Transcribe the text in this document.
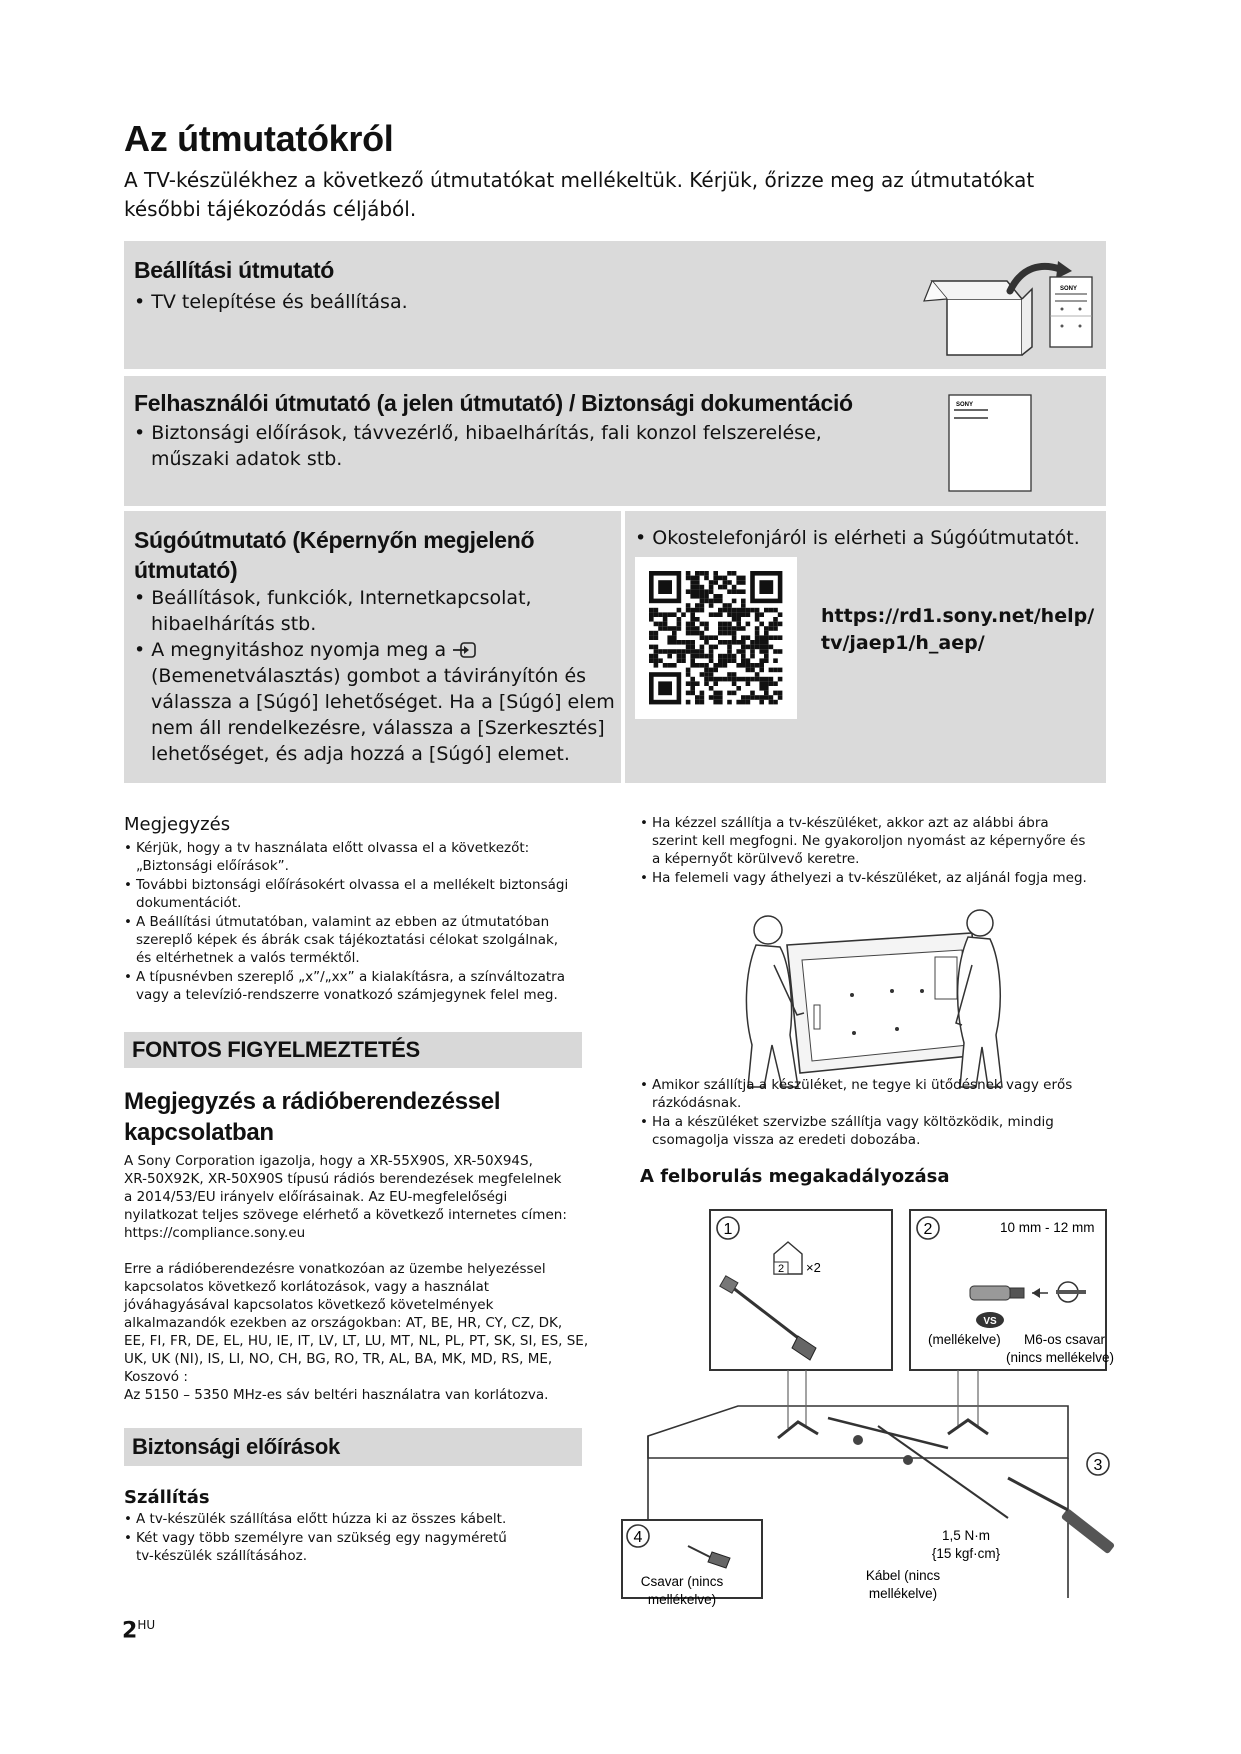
Az útmutatókról
A TV-készülékhez a következő útmutatókat mellékeltük. Kérjük, őrizze meg az útmutatókat későbbi tájékozódás céljából.
Beállítási útmutató
• TV telepítése és beállítása.
SONY
Felhasználói útmutató (a jelen útmutató) / Biztonsági dokumentáció
• Biztonsági előírások, távvezérlő, hibaelhárítás, fali konzol felszerelése,
műszaki adatok stb.
SONY
Súgóútmutató (Képernyőn megjelenő
útmutató)
• Beállítások, funkciók, Internetkapcsolat,
hibaelhárítás stb.
• A megnyitáshoz nyomja meg a
(Bemenetválasztás) gombot a távirányítón és
válassza a [Súgó] lehetőséget. Ha a [Súgó] elem
nem áll rendelkezésre, válassza a [Szerkesztés]
lehetőséget, és adja hozzá a [Súgó] elemet.
• Okostelefonjáról is elérheti a Súgóútmutatót.
https://rd1.sony.net/help/
tv/jaep1/h_aep/
Megjegyzés
• Kérjük, hogy a tv használata előtt olvassa el a következőt:
„Biztonsági előírások”.
• További biztonsági előírásokért olvassa el a mellékelt biztonsági
dokumentációt.
• A Beállítási útmutatóban, valamint az ebben az útmutatóban
szereplő képek és ábrák csak tájékoztatási célokat szolgálnak,
és eltérhetnek a valós terméktől.
• A típusnévben szereplő „x”/„xx” a kialakításra, a színváltozatra
vagy a televízió-rendszerre vonatkozó számjegynek felel meg.
• Ha kézzel szállítja a tv-készüléket, akkor azt az alábbi ábra
szerint kell megfogni. Ne gyakoroljon nyomást az képernyőre és
a képernyőt körülvevő keretre.
• Ha felemeli vagy áthelyezi a tv-készüléket, az aljánál fogja meg.
FONTOS FIGYELMEZTETÉS
Megjegyzés a rádióberendezéssel
kapcsolatban
A Sony Corporation igazolja, hogy a XR-55X90S, XR-50X94S,
XR-50X92K, XR-50X90S típusú rádiós berendezések megfelelnek
a 2014/53/EU irányelv előírásainak. Az EU-megfelelőségi
nyilatkozat teljes szövege elérhető a következő internetes címen:
https://compliance.sony.eu
Erre a rádióberendezésre vonatkozóan az üzembe helyezéssel
kapcsolatos következő korlátozások, vagy a használat
jóváhagyásával kapcsolatos következő követelmények
alkalmazandók ezekben az országokban: AT, BE, HR, CY, CZ, DK,
EE, FI, FR, DE, EL, HU, IE, IT, LV, LT, LU, MT, NL, PL, PT, SK, SI, ES, SE,
UK, UK (NI), IS, LI, NO, CH, BG, RO, TR, AL, BA, MK, MD, RS, ME,
Koszovó :
Az 5150 – 5350 MHz-es sáv beltéri használatra van korlátozva.
Biztonsági előírások
Szállítás
• A tv-készülék szállítása előtt húzza ki az összes kábelt.
• Két vagy több személyre van szükség egy nagyméretű
tv-készülék szállításához.
• Amikor szállítja a készüléket, ne tegye ki ütődésnek vagy erős
rázkódásnak.
• Ha a készüléket szervizbe szállítja vagy költözködik, mindig
csomagolja vissza az eredeti dobozába.
A felborulás megakadályozása
1
2 ×2
2	10 mm - 12 mm
VS
(mellékelve) M6-os csavar
(nincs mellékelve)
3
4
Csavar (nincs
mellékelve)
1,5 N·m
{15 kgf·cm}
Kábel (nincs
mellékelve)
$2^{HU}$
